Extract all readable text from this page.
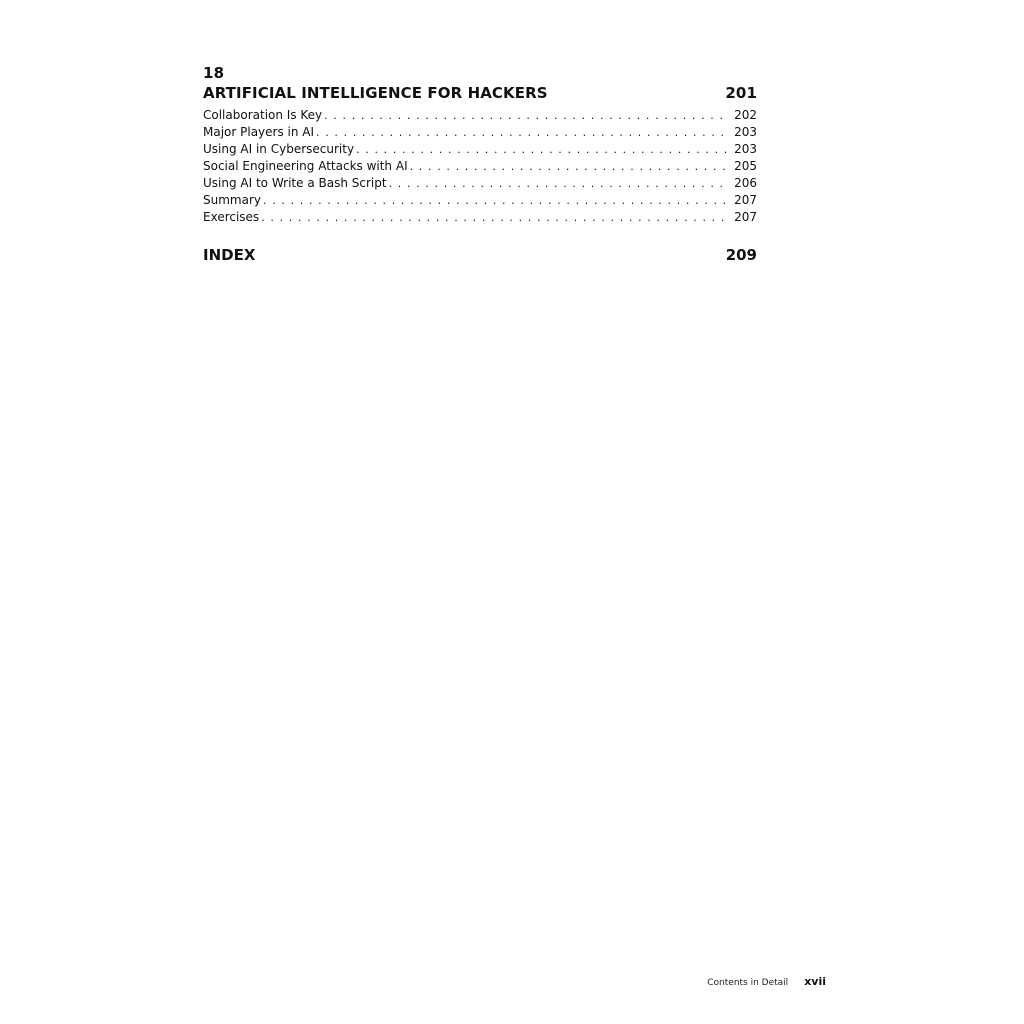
18
ARTIFICIAL INTELLIGENCE FOR HACKERS	201
Collaboration Is Key . . .	202
Major Players in AI . . .	203
Using AI in Cybersecurity . . .	203
Social Engineering Attacks with AI . . .	205
Using AI to Write a Bash Script . . .	206
Summary . . .	207
Exercises . . .	207
INDEX	209
Contents in Detail xvii
